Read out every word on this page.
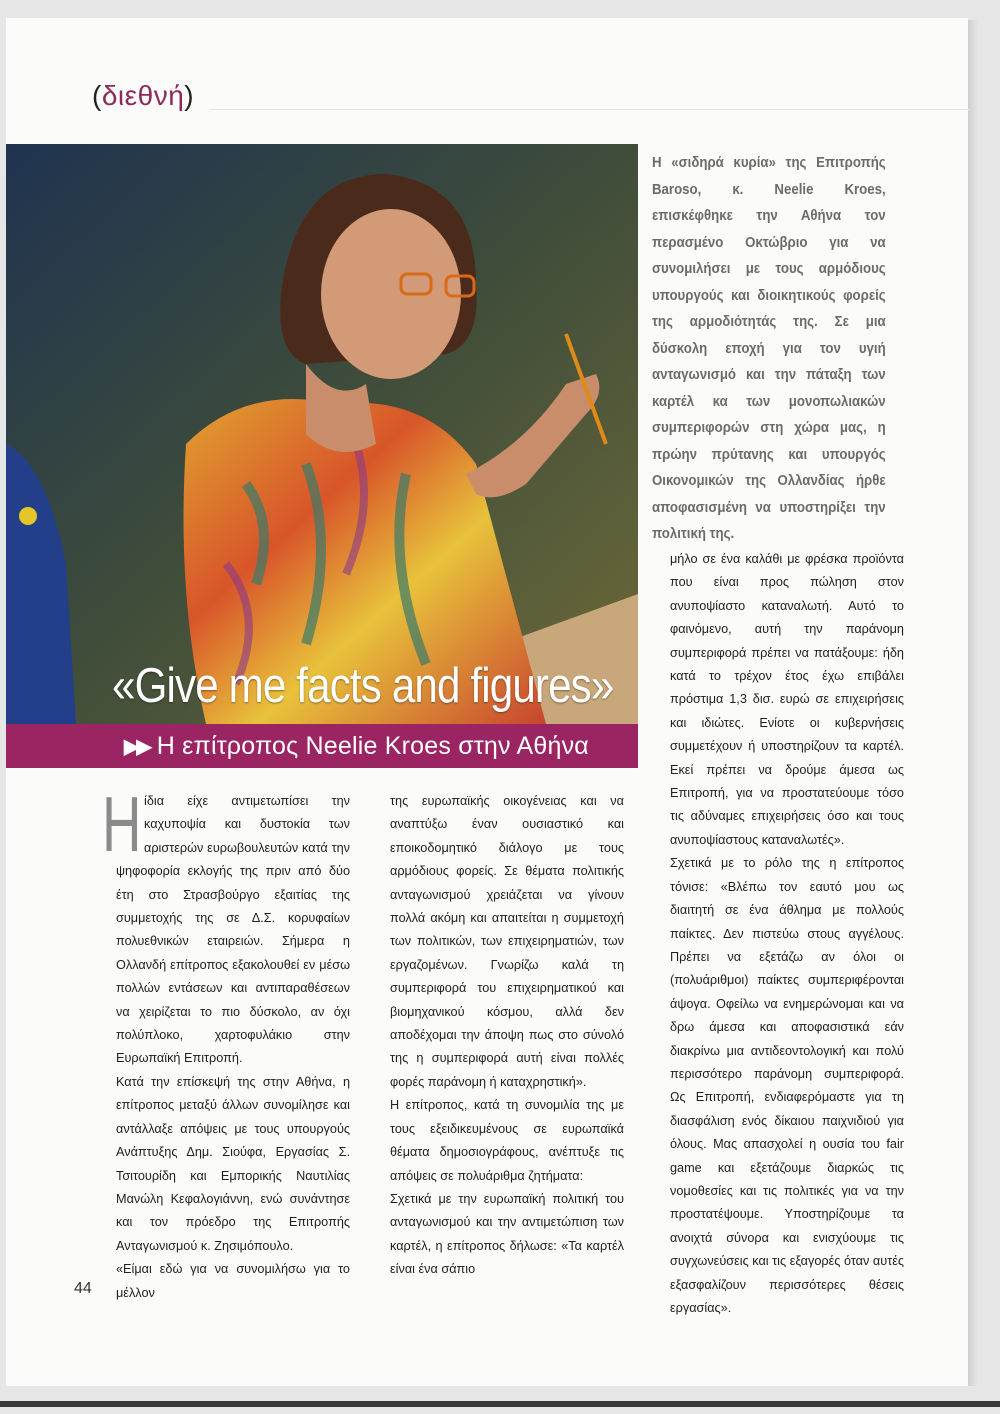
(διεθνή)
«Give me facts and figures»
▶▶ Η επίτροπος Neelie Kroes στην Αθήνα
Η «σιδηρά κυρία» της Επιτροπής Baroso, κ. Neelie Kroes, επισκέφθηκε την Αθήνα τον περασμένο Οκτώβριο για να συνομιλήσει με τους αρμόδιους υπουργούς και διοικητικούς φορείς της αρμοδιότητάς της. Σε μια δύσκολη εποχή για τον υγιή ανταγωνισμό και την πάταξη των καρτέλ κα των μονοπωλιακών συμπεριφορών στη χώρα μας, η πρώην πρύτανης και υπουργός Οικονομικών της Ολλανδίας ήρθε αποφασισμένη να υποστηρίξει την πολιτική της.

Ηίδια είχε αντιμετωπίσει την καχυποψία και δυστοκία των αριστερών ευρωβουλευτών κατά την ψηφοφορία εκλογής της πριν από δύο έτη στο Στρασβούργο εξαιτίας της συμμετοχής της σε Δ.Σ. κορυφαίων πολυεθνικών εταιρειών. Σήμερα η Ολλανδή επίτροπος εξακολουθεί εν μέσω πολλών εντάσεων και αντιπαραθέσεων να χειρίζεται το πιο δύσκολο, αν όχι πολύπλοκο, χαρτοφυλάκιο στην Ευρωπαϊκή Επιτροπή.

Κατά την επίσκεψή της στην Αθήνα, η επίτροπος μεταξύ άλλων συνομίλησε και αντάλλαξε απόψεις με τους υπουργούς Ανάπτυξης Δημ. Σιούφα, Εργασίας Σ. Τσιτουρίδη και Εμπορικής Ναυτιλίας Μανώλη Κεφαλογιάννη, ενώ συνάντησε και τον πρόεδρο της Επιτροπής Ανταγωνισμού κ. Ζησιμόπουλο.

«Είμαι εδώ για να συνομιλήσω για το μέλλον

της ευρωπαϊκής οικογένειας και να αναπτύξω έναν ουσιαστικό και εποικοδομητικό διάλογο με τους αρμόδιους φορείς. Σε θέματα πολιτικής ανταγωνισμού χρειάζεται να γίνουν πολλά ακόμη και απαιτείται η συμμετοχή των πολιτικών, των επιχειρηματιών, των εργαζομένων. Γνωρίζω καλά τη συμπεριφορά του επιχειρηματικού και βιομηχανικού κόσμου, αλλά δεν αποδέχομαι την άποψη πως στο σύνολό της η συμπεριφορά αυτή είναι πολλές φορές παράνομη ή καταχρηστική».

Η επίτροπος, κατά τη συνομιλία της με τους εξειδικευμένους σε ευρωπαϊκά θέματα δημοσιογράφους, ανέπτυξε τις απόψεις σε πολυάριθμα ζητήματα:

Σχετικά με την ευρωπαϊκή πολιτική του ανταγωνισμού και την αντιμετώπιση των καρτέλ, η επίτροπος δήλωσε: «Τα καρτέλ είναι ένα σάπιο

μήλο σε ένα καλάθι με φρέσκα προϊόντα που είναι προς πώληση στον ανυποψίαστο καταναλωτή. Αυτό το φαινόμενο, αυτή την παράνομη συμπεριφορά πρέπει να πατάξουμε: ήδη κατά το τρέχον έτος έχω επιβάλει πρόστιμα 1,3 δισ. ευρώ σε επιχειρήσεις και ιδιώτες. Ενίοτε οι κυβερνήσεις συμμετέχουν ή υποστηρίζουν τα καρτέλ. Εκεί πρέπει να δρούμε άμεσα ως Επιτροπή, για να προστατεύουμε τόσο τις αδύναμες επιχειρήσεις όσο και τους ανυποψίαστους καταναλωτές».

Σχετικά με το ρόλο της η επίτροπος τόνισε: «Βλέπω τον εαυτό μου ως διαιτητή σε ένα άθλημα με πολλούς παίκτες. Δεν πιστεύω στους αγγέλους. Πρέπει να εξετάζω αν όλοι οι (πολυάριθμοι) παίκτες συμπεριφέρονται άψογα. Οφείλω να ενημερώνομαι και να δρω άμεσα και αποφασιστικά εάν διακρίνω μια αντιδεοντολογική και πολύ περισσότερο παράνομη συμπεριφορά. Ως Επιτροπή, ενδιαφερόμαστε για τη διασφάλιση ενός δίκαιου παιχνιδιού για όλους. Μας απασχολεί η ουσία του fair game και εξετάζουμε διαρκώς τις νομοθεσίες και τις πολιτικές για να την προστατέψουμε. Υποστηρίζουμε τα ανοιχτά σύνορα και ενισχύουμε τις συγχωνεύσεις και τις εξαγορές όταν αυτές εξασφαλίζουν περισσότερες θέσεις εργασίας».

44
